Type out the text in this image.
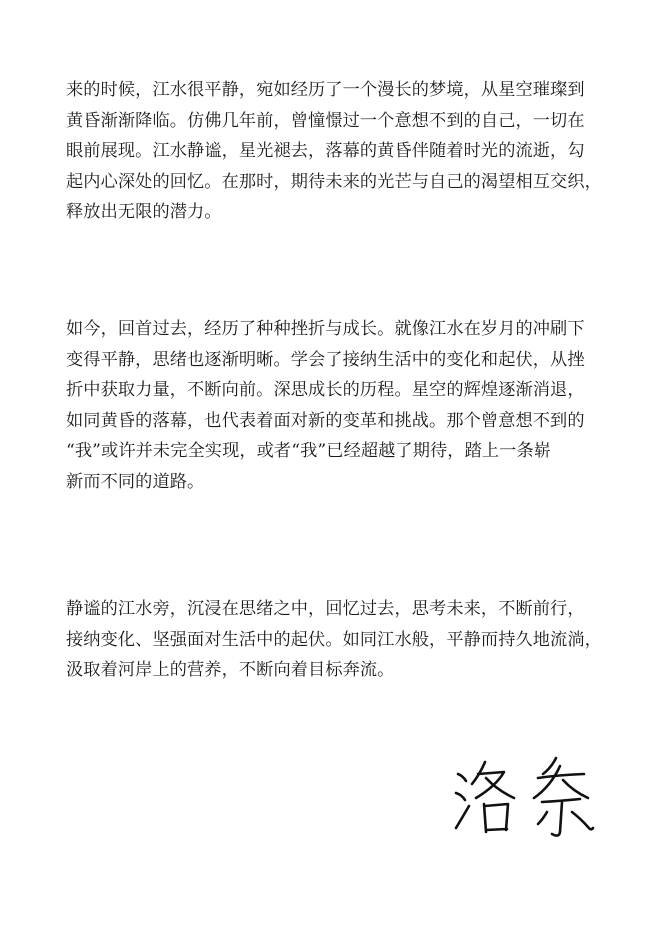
来的时候，江水很平静，宛如经历了一个漫长的梦境，从星空璀璨到
黄昏渐渐降临。仿佛几年前，曾憧憬过一个意想不到的自己，一切在
眼前展现。江水静谧，星光褪去，落幕的黄昏伴随着时光的流逝，勾
起内心深处的回忆。在那时，期待未来的光芒与自己的渴望相互交织，
释放出无限的潜力。
如今，回首过去，经历了种种挫折与成长。就像江水在岁月的冲刷下
变得平静，思绪也逐渐明晰。学会了接纳生活中的变化和起伏，从挫
折中获取力量，不断向前。深思成长的历程。星空的辉煌逐渐消退，
如同黄昏的落幕，也代表着面对新的变革和挑战。那个曾意想不到的
“我”或许并未完全实现，或者“我”已经超越了期待，踏上一条崭
新而不同的道路。
静谧的江水旁，沉浸在思绪之中，回忆过去，思考未来，不断前行，
接纳变化、坚强面对生活中的起伏。如同江水般，平静而持久地流淌，
汲取着河岸上的营养，不断向着目标奔流。
